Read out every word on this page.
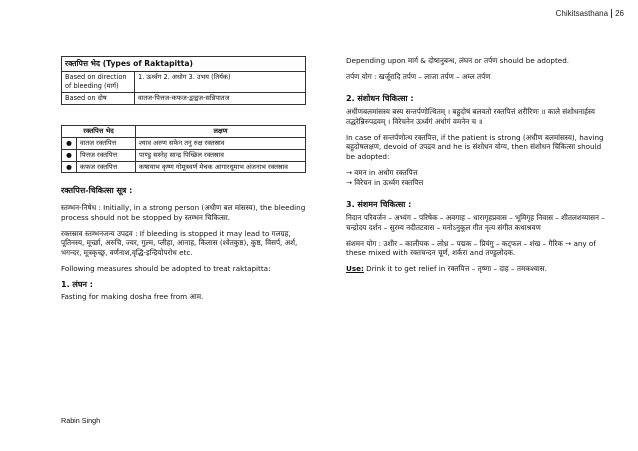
Chikitsasthana 26
रक्तपित्त भेद (Types of Raktapitta)	
Based on direction of bleeding (मार्ग)	1. ऊर्ध्वग 2. अधोग 3. उभय (तिर्यक)
Based on दोष	वातज-पित्तज-कफज-द्वन्द्वज-सन्निपातज
रक्तपित्त भेद		लक्षण
●	वातज रक्तपित्त	श्याव अरुण सफेन तनु रुक्ष रक्तस्राव
●	पित्तज रक्तपित्त	पाण्डु सस्नेह सान्द्र पिच्छिल रक्तस्राव
●	कफज रक्तपित्त	कषायाभ कृष्ण गोमूत्रवर्ण मेचक आगारधूमाभ अंजनाभ रक्तस्राव
रक्तपित्त-चिकित्सा सूत्र :

स्तम्भन-निषेध : Initially, in a strong person (अधीण बल मांसस्य), the bleeding process should not be stopped by स्तम्भन चिकित्सा.

रक्तस्राव स्तम्भनजन्य उपद्रव : If bleeding is stopped it may lead to गलग्रह, पूतिनस्य, मूर्च्छा, अरुचि, ज्वर, गुल्म, प्लीहा, आनाह, किलास (श्वेतकुष्ठ), कुष्ठ, विसर्प, अर्श, भगन्दर, मूत्रकृच्छ्र, वर्णनाश,वृद्धि-इन्द्रियोपरोध etc.

Following measures should be adopted to treat raktapitta:

1. लंघन :

Fasting for making dosha free from आम.

Depending upon मार्ग & दोषानुबन्ध, लंघन or तर्पण should be adopted.

तर्पण योग : खर्जूरादि तर्पण – लाजा तर्पण – अम्ल तर्पण

2. संशोधन चिकित्सा :

अधीणबलमांसस्य बस्य सन्तर्पणोत्थितम् । बहुदोषं बलवतो रक्तपित्तं शरीरिणः ॥ काले संशोधनार्हस्य तद्धरेन्निरुपद्रवम् । विरेचनेन ऊर्ध्वगं अधोगं वमनेन च ॥

In case of सन्तर्पणोत्थ रक्तपित्त, if the patient is strong (अधीण बलमांसस्य), having बहुदोषलक्षण, devoid of उपद्रव and he is संशोधन योग्य, then संशोधन चिकित्सा should be adopted:

→ वमन in अधोग रक्तपित्त
→ विरेचन in ऊर्ध्वग रक्तपित्त
3. संशमन चिकित्सा :

निदान परिवर्जन – अभ्यंग – परिषेक – अवगाह – धारागृहप्रवास – भूमिगृह निवास – शीतलशय्यासन – चन्द्रोदय दर्शन – सुरम्य नदीतटवास – मनोऽनुकूल गीत नृत्य संगीत कथाश्रवण

संशमन योग : उशीर – कालीयक – लोध्र – पद्मक – प्रियंगु – कट्फल – शंख – गैरिक → any of these mixed with रक्तचन्दन चूर्ण, शर्करा and तण्डुलोदक.

Use: Drink it to get relief in रक्तपित्त – तृष्णा – दाह – तमकश्वास.

Rabin Singh
